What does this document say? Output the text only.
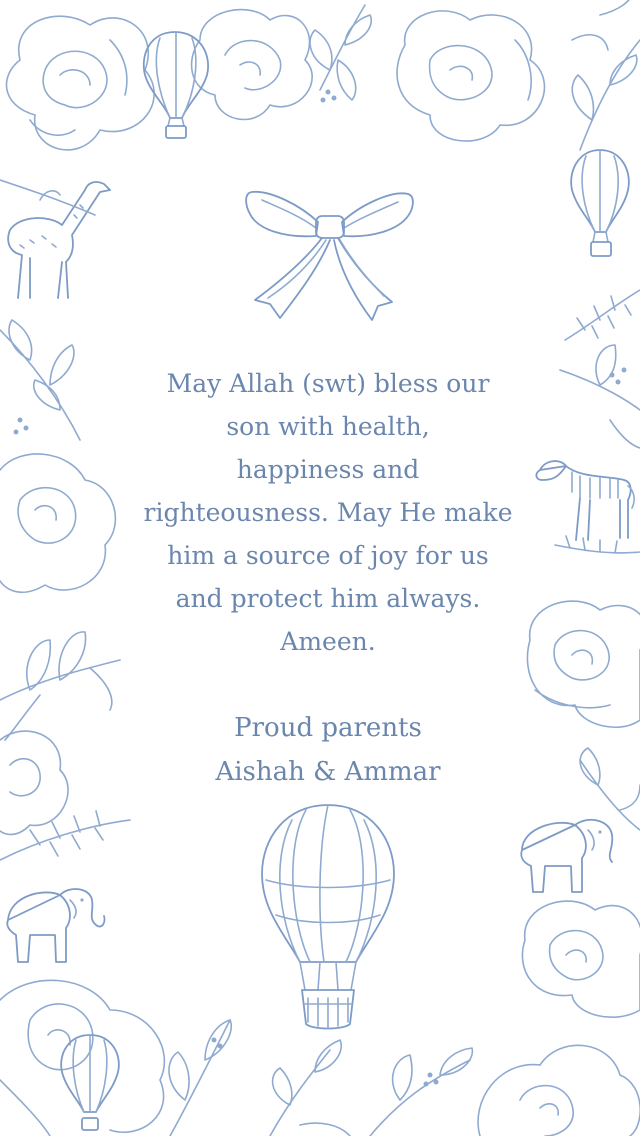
May Allah (swt) bless our
son with health,
happiness and
righteousness. May He make
him a source of joy for us
and protect him always.
Ameen.
Proud parents
Aishah & Ammar
